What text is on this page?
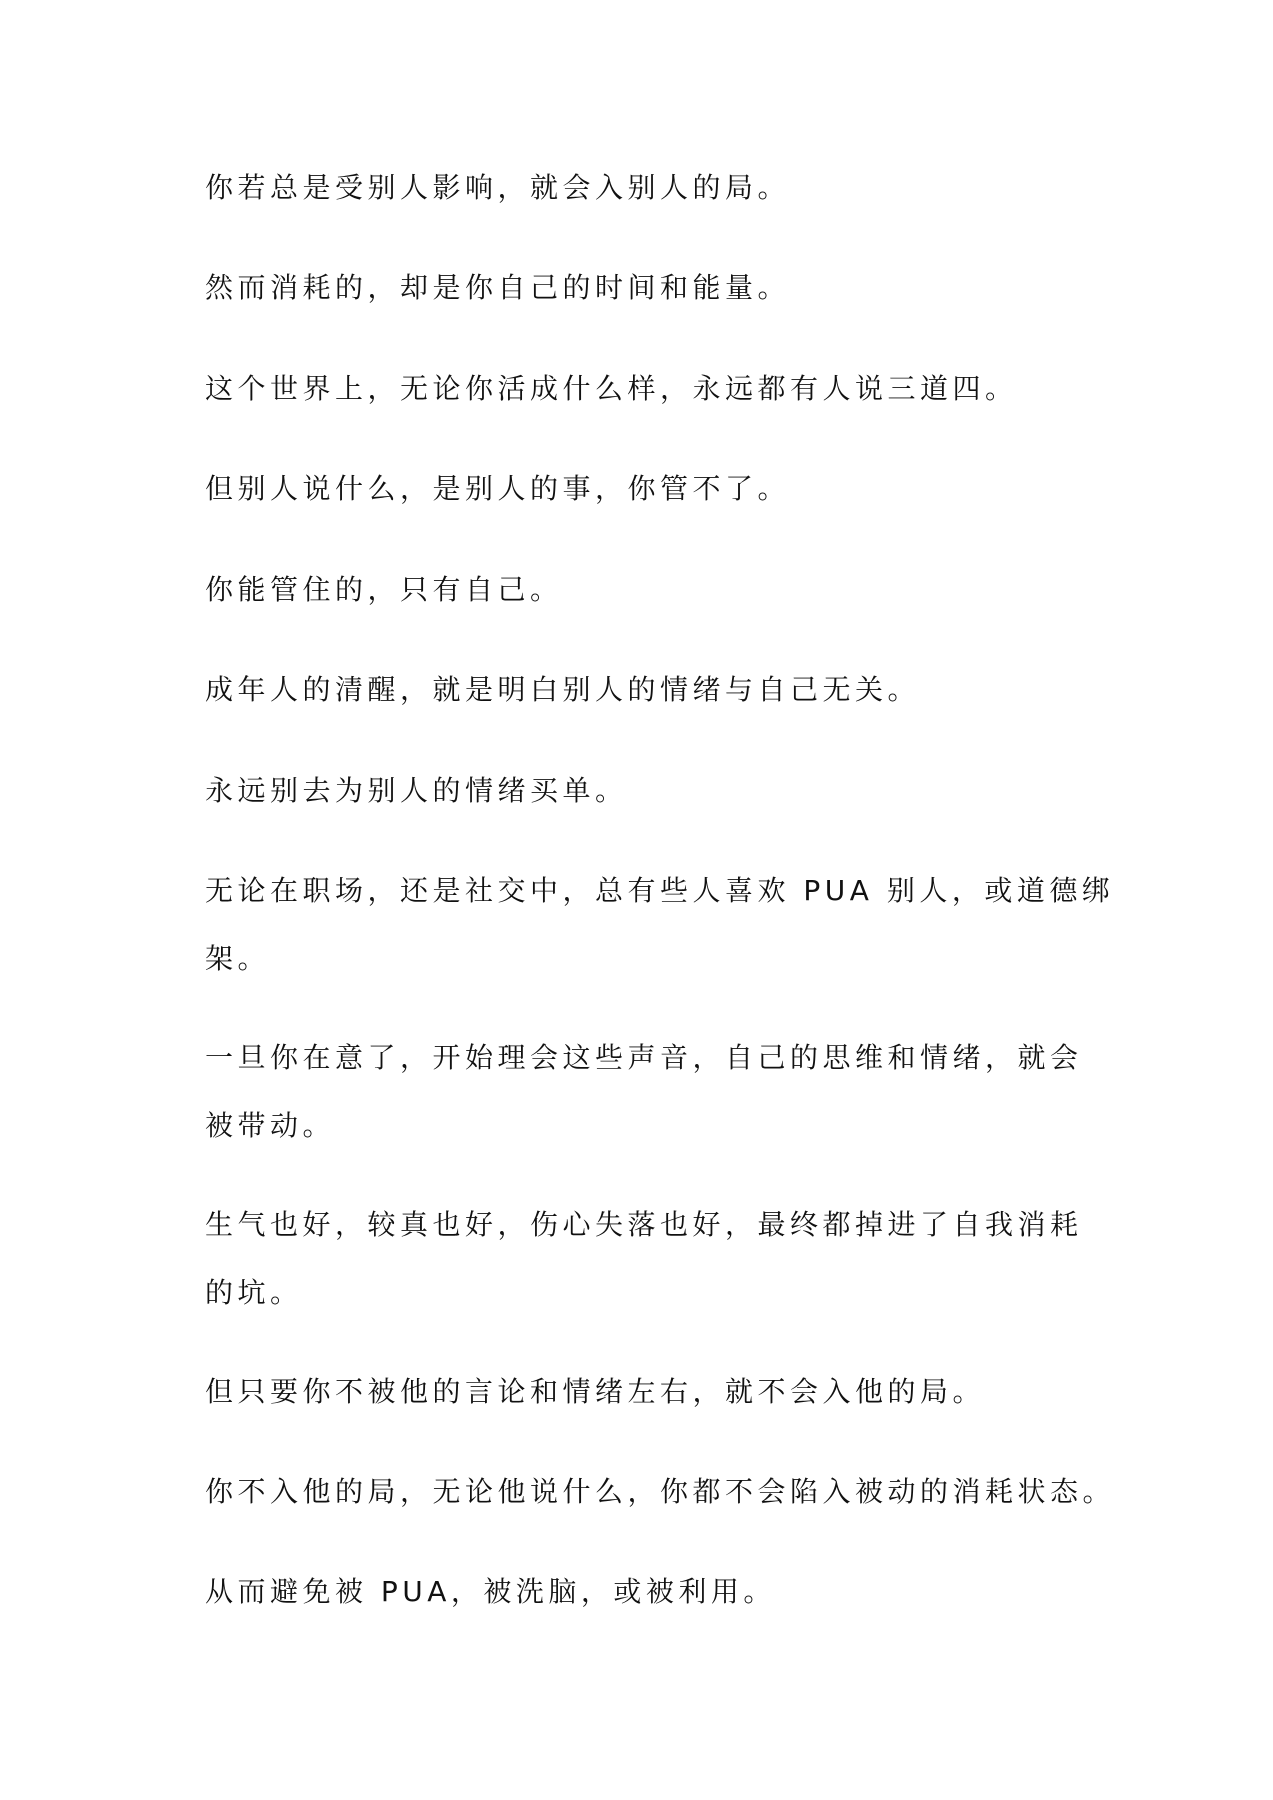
你若总是受别人影响，就会入别人的局。

然而消耗的，却是你自己的时间和能量。

这个世界上，无论你活成什么样，永远都有人说三道四。

但别人说什么，是别人的事，你管不了。

你能管住的，只有自己。

成年人的清醒，就是明白别人的情绪与自己无关。

永远别去为别人的情绪买单。

无论在职场，还是社交中，总有些人喜欢 PUA 别人，或道德绑

架。

一旦你在意了，开始理会这些声音，自己的思维和情绪，就会

被带动。

生气也好，较真也好，伤心失落也好，最终都掉进了自我消耗

的坑。

但只要你不被他的言论和情绪左右，就不会入他的局。

你不入他的局，无论他说什么，你都不会陷入被动的消耗状态。

从而避免被 PUA，被洗脑，或被利用。
